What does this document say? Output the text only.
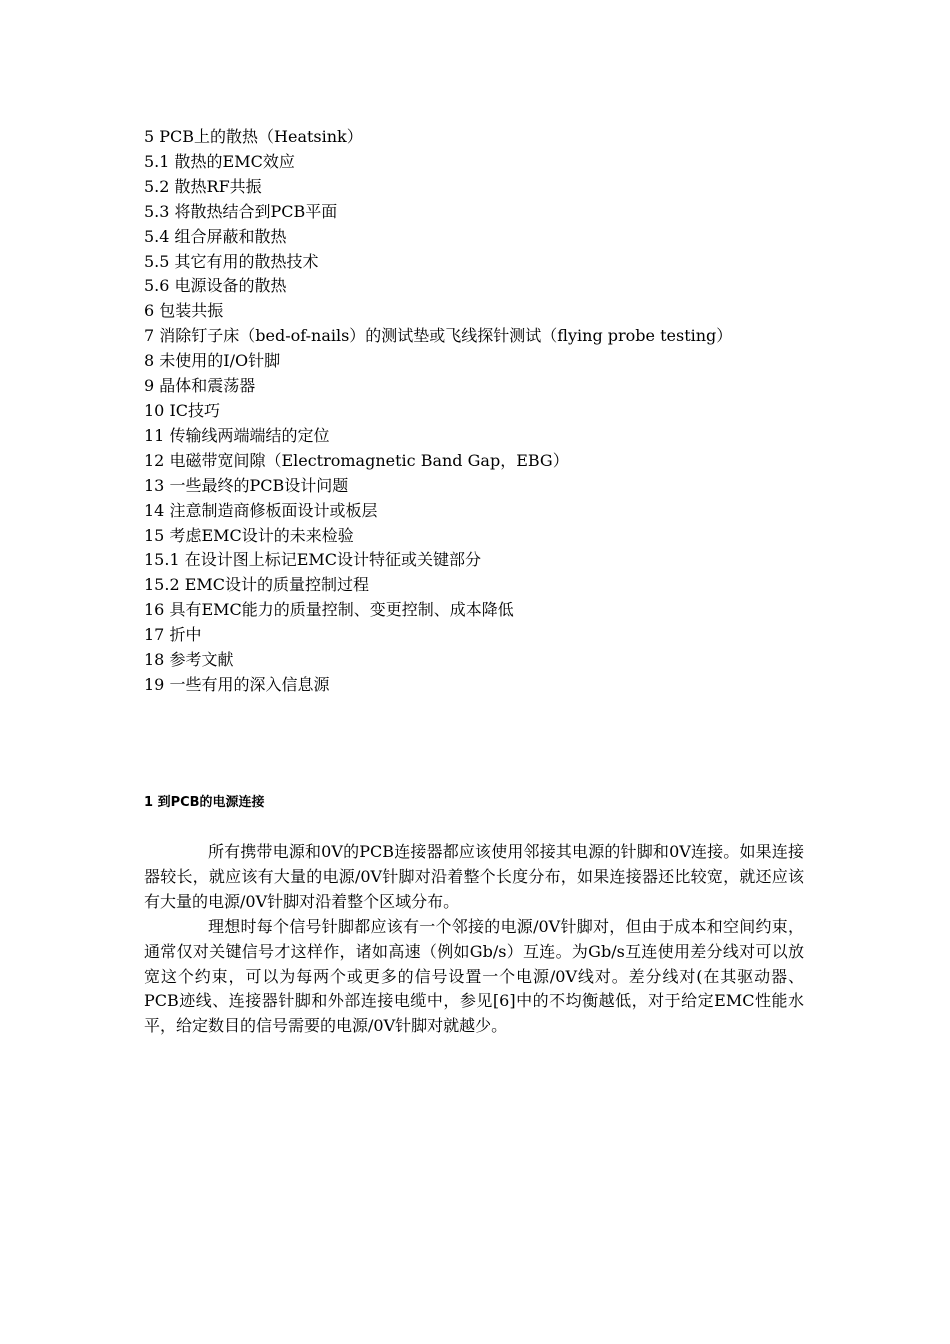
5 PCB上的散热（Heatsink）
5.1 散热的EMC效应
5.2 散热RF共振
5.3 将散热结合到PCB平面
5.4 组合屏蔽和散热
5.5 其它有用的散热技术
5.6 电源设备的散热
6 包装共振
7 消除钉子床（bed-of-nails）的测试垫或飞线探针测试（flying probe testing）
8 未使用的I/O针脚
9 晶体和震荡器
10 IC技巧
11 传输线两端端结的定位
12 电磁带宽间隙（Electromagnetic Band Gap，EBG）
13 一些最终的PCB设计问题
14 注意制造商修板面设计或板层
15 考虑EMC设计的未来检验
15.1 在设计图上标记EMC设计特征或关键部分
15.2 EMC设计的质量控制过程
16 具有EMC能力的质量控制、变更控制、成本降低
17 折中
18 参考文献
19 一些有用的深入信息源
1 到PCB的电源连接

所有携带电源和0V的PCB连接器都应该使用邻接其电源的针脚和0V连接。如果连接器较长，就应该有大量的电源/0V针脚对沿着整个长度分布，如果连接器还比较宽，就还应该有大量的电源/0V针脚对沿着整个区域分布。

理想时每个信号针脚都应该有一个邻接的电源/0V针脚对，但由于成本和空间约束，通常仅对关键信号才这样作，诸如高速（例如Gb/s）互连。为Gb/s互连使用差分线对可以放宽这个约束，可以为每两个或更多的信号设置一个电源/0V线对。差分线对(在其驱动器、PCB迹线、连接器针脚和外部连接电缆中，参见[6]中的不均衡越低，对于给定EMC性能水平，给定数目的信号需要的电源/0V针脚对就越少。
